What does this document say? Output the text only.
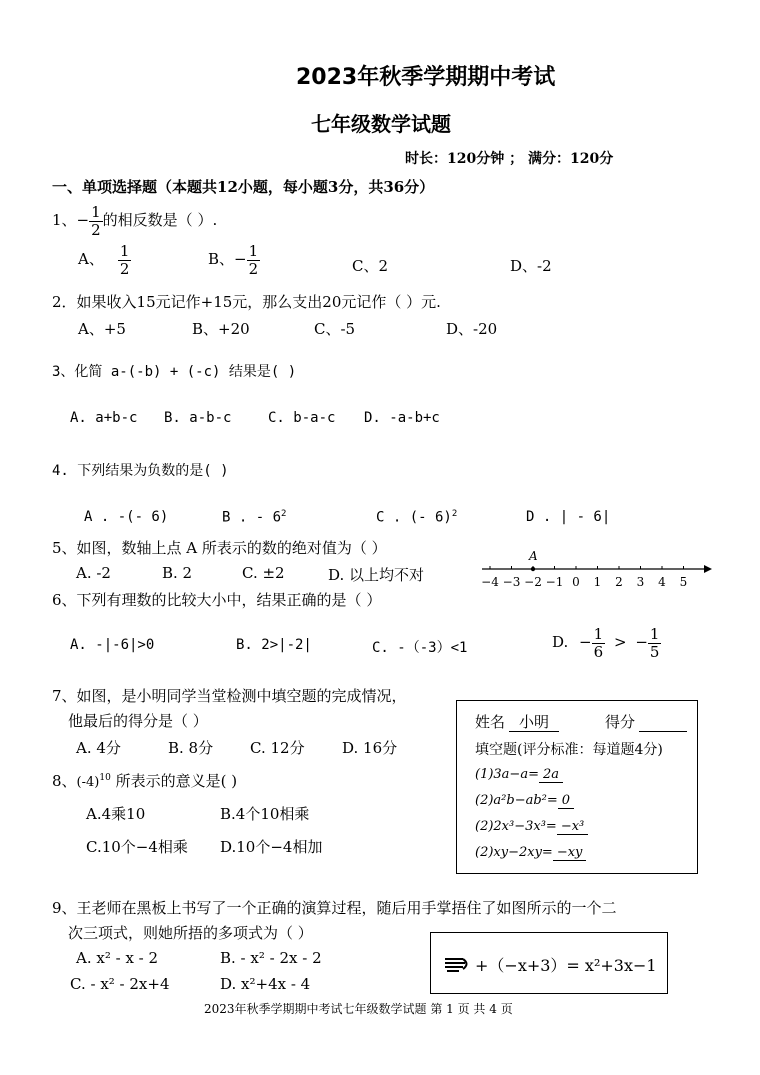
2023年秋季学期期中考试
七年级数学试题
时长：120分钟 ； 满分：120分
一、单项选择题（本题共12小题，每小题3分，共36分）
1、− $\frac{1}{2}$ 的相反数是（ ）.
A、 $\frac{1}{2}$	B、− $\frac{1}{2}$	C、2	D、-2
2．如果收入15元记作+15元，那么支出20元记作（ ）元.
A、+5	B、+20	C、-5	D、-20
3、化简 a-(-b) + (-c) 结果是( )
A. a+b-c B. a-b-c	C. b-a-c D. -a-b+c
4. 下列结果为负数的是( )
A . -(- 6)	B . - $6^2$	C . (- 6)$^2$	D . | - 6|
5、如图，数轴上点 A 所表示的数的绝对值为（ ）
A. -2	B. 2	C. ±2	D. 以上均不对	−4 −3 −2 −1 0 1 2 3 4 5
A
6、下列有理数的比较大小中，结果正确的是（ ）
A. -|-6|>0	B. 2>|-2|	C. -（-3）<1	D. − $\frac{1}{6}$ > − $\frac{1}{5}$
7、如图，是小明同学当堂检测中填空题的完成情况，
他最后的得分是（ ）
A. 4分	B. 8分 C. 12分 D. 16分
姓名 小明	得分
填空题(评分标准：每道题4分)
(1)3a−a= 2a
(2)a²b−ab²= 0
(2)2x³−3x³= −x³
(2)xy−2xy= −xy
8、$(-4)^{10}$ 所表示的意义是( )
A.4乘10	B.4个10相乘
C.10个−4相乘 D.10个−4相加
9、王老师在黑板上书写了一个正确的演算过程，随后用手掌捂住了如图所示的一个二
次三项式，则她所捂的多项式为（ ）
A. x² - x - 2	B. - x² - 2x - 2
C. - x² - 2x+4	D. x²+4x - 4
+（−x+3）= x²+3x−1
2023年秋季学期期中考试七年级数学试题 第 1 页 共 4 页
